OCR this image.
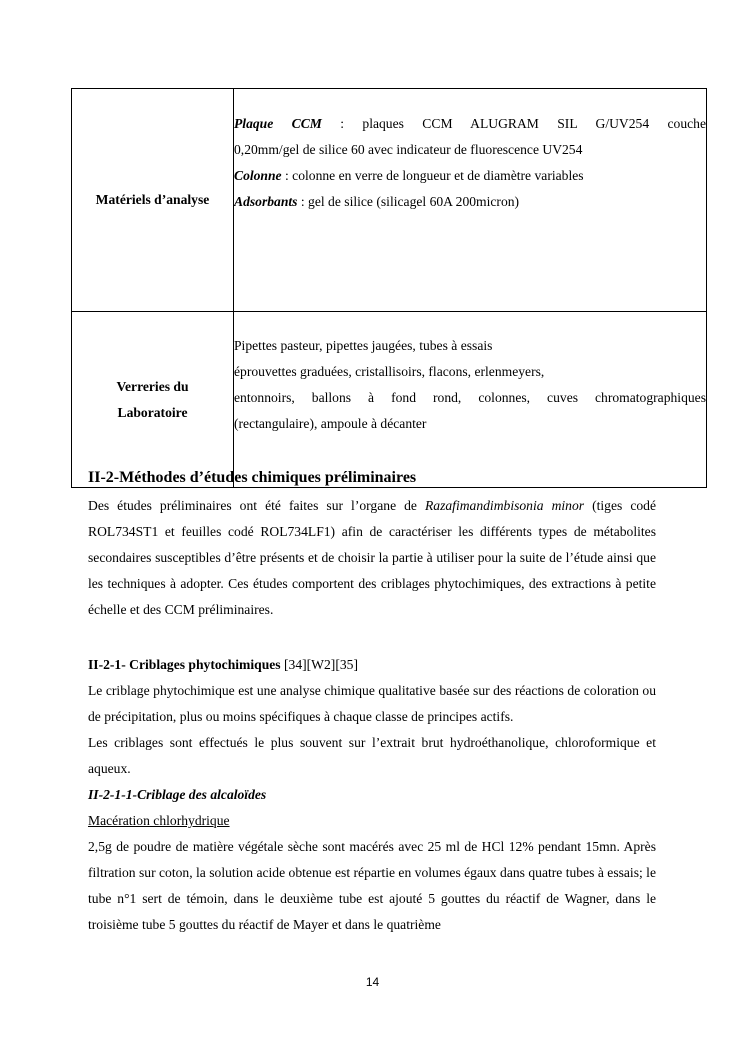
Matériels d’analyse	Plaque CCM : plaques CCM ALUGRAM SIL G/UV254 couche
0,20mm/gel de silice 60 avec indicateur de fluorescence UV254
Colonne : colonne en verre de longueur et de diamètre variables
Adsorbants : gel de silice (silicagel 60A 200micron)

Verreries du
Laboratoire	Pipettes pasteur, pipettes jaugées, tubes à essais
éprouvettes graduées, cristallisoirs, flacons, erlenmeyers,
entonnoirs, ballons à fond rond, colonnes, cuves chromatographiques
(rectangulaire), ampoule à décanter
II-2-Méthodes d’études chimiques préliminaires

Des études préliminaires ont été faites sur l’organe de Razafimandimbisonia minor (tiges codé ROL734ST1 et feuilles codé ROL734LF1) afin de caractériser les différents types de métabolites secondaires susceptibles d’être présents et de choisir la partie à utiliser pour la suite de l’étude ainsi que les techniques à adopter. Ces études comportent des criblages phytochimiques, des extractions à petite échelle et des CCM préliminaires.

II-2-1- Criblages phytochimiques [34][W2][35]

Le criblage phytochimique est une analyse chimique qualitative basée sur des réactions de coloration ou de précipitation, plus ou moins spécifiques à chaque classe de principes actifs.

Les criblages sont effectués le plus souvent sur l’extrait brut hydroéthanolique, chloroformique et aqueux.

II-2-1-1-Criblage des alcaloïdes
Macération chlorhydrique

2,5g de poudre de matière végétale sèche sont macérés avec 25 ml de HCl 12% pendant 15mn. Après filtration sur coton, la solution acide obtenue est répartie en volumes égaux dans quatre tubes à essais; le tube n°1 sert de témoin, dans le deuxième tube est ajouté 5 gouttes du réactif de Wagner, dans le troisième tube 5 gouttes du réactif de Mayer et dans le quatrième

14
